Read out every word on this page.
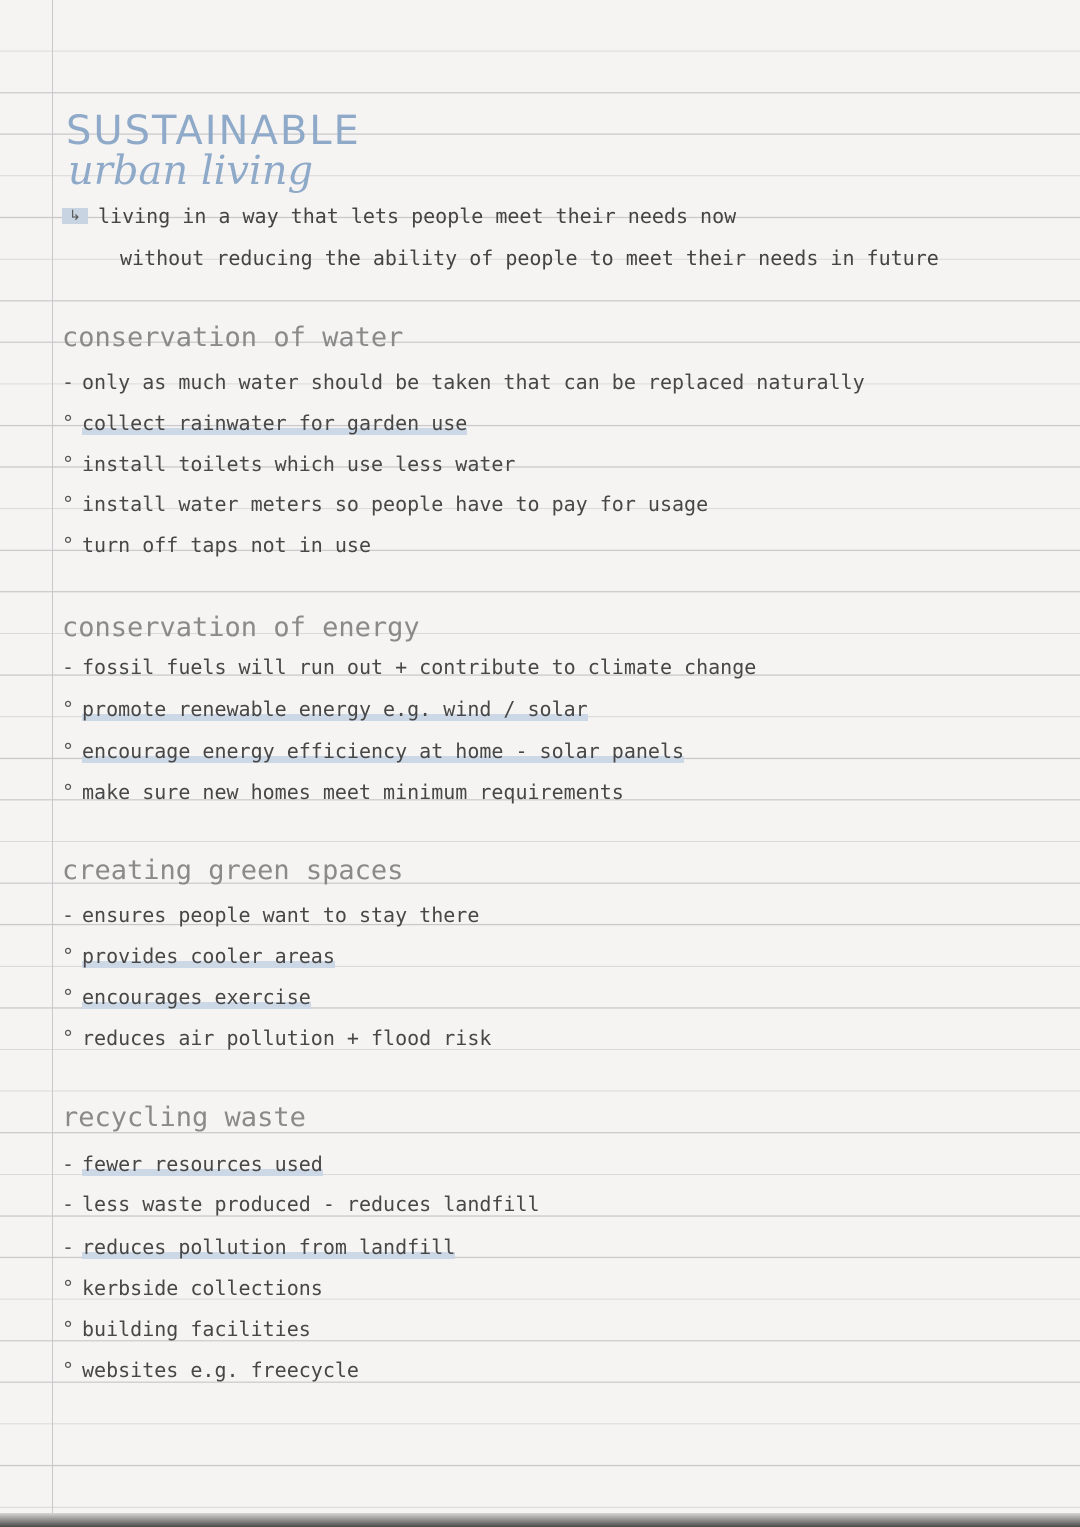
SUSTAINABLE
urban living
↳ living in a way that lets people meet their needs now
without reducing the ability of people to meet their needs in future
conservation of water
- only as much water should be taken that can be replaced naturally
° collect rainwater for garden use
° install toilets which use less water
° install water meters so people have to pay for usage
° turn off taps not in use
conservation of energy
- fossil fuels will run out + contribute to climate change
° promote renewable energy e.g. wind / solar
° encourage energy efficiency at home - solar panels
° make sure new homes meet minimum requirements
creating green spaces
- ensures people want to stay there
° provides cooler areas
° encourages exercise
° reduces air pollution + flood risk
recycling waste
- fewer resources used
- less waste produced - reduces landfill
- reduces pollution from landfill
° kerbside collections
° building facilities
° websites e.g. freecycle
